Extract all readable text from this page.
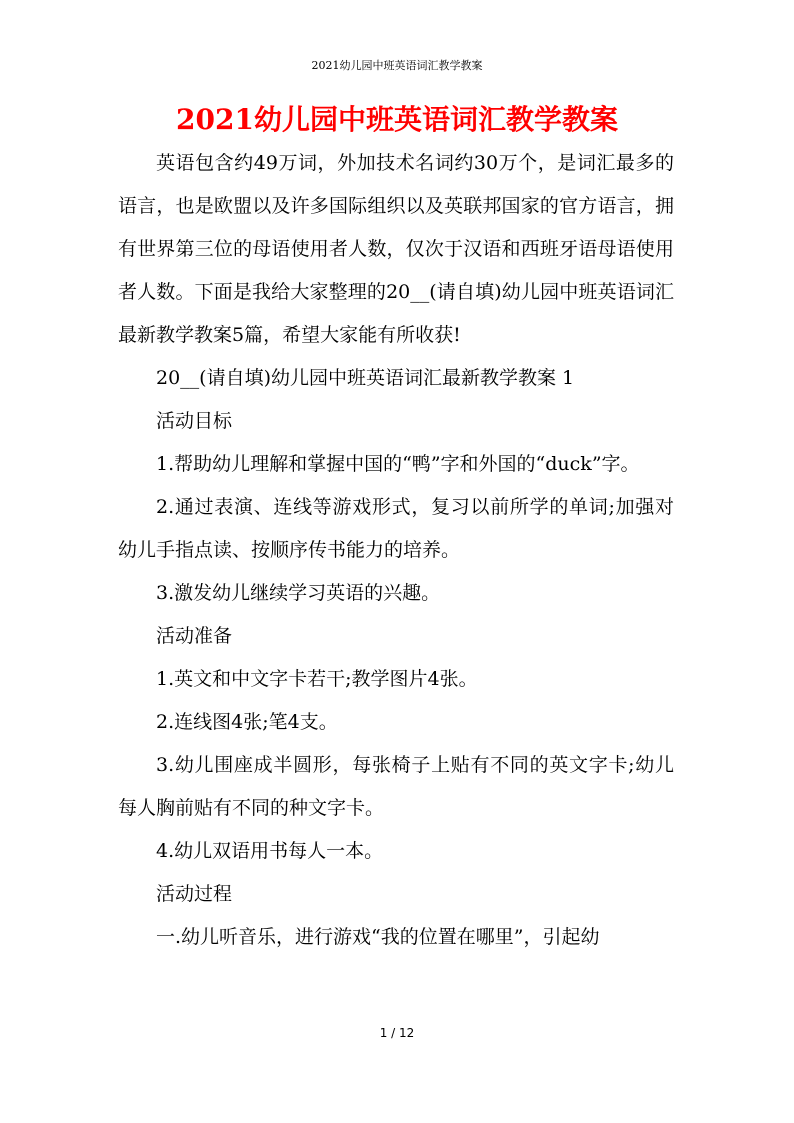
2021幼儿园中班英语词汇教学教案
2021幼儿园中班英语词汇教学教案

英语包含约49万词，外加技术名词约30万个，是词汇最多的语言，也是欧盟以及许多国际组织以及英联邦国家的官方语言，拥有世界第三位的母语使用者人数，仅次于汉语和西班牙语母语使用者人数。下面是我给大家整理的20__(请自填)幼儿园中班英语词汇最新教学教案5篇，希望大家能有所收获!

20__(请自填)幼儿园中班英语词汇最新教学教案 1

活动目标

1.帮助幼儿理解和掌握中国的“鸭”字和外国的“duck”字。

2.通过表演、连线等游戏形式，复习以前所学的单词;加强对幼儿手指点读、按顺序传书能力的培养。

3.激发幼儿继续学习英语的兴趣。

活动准备

1.英文和中文字卡若干;教学图片4张。

2.连线图4张;笔4支。

3.幼儿围座成半圆形，每张椅子上贴有不同的英文字卡;幼儿每人胸前贴有不同的种文字卡。

4.幼儿双语用书每人一本。

活动过程

一.幼儿听音乐，进行游戏“我的位置在哪里”，引起幼

1 / 12
